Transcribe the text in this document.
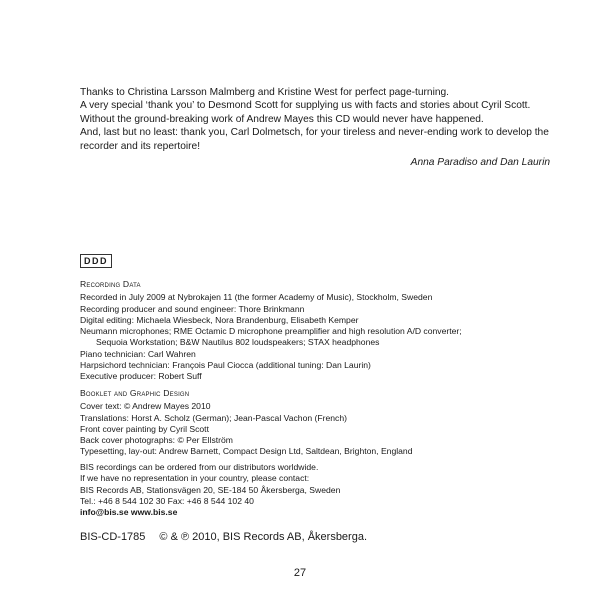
Thanks to Christina Larsson Malmberg and Kristine West for perfect page-turning.

A very special ‘thank you’ to Desmond Scott for supplying us with facts and stories about Cyril Scott.

Without the ground-breaking work of Andrew Mayes this CD would never have happened.

And, last but no least: thank you, Carl Dolmetsch, for your tireless and never-ending work to develop the recorder and its repertoire!

Anna Paradiso and Dan Laurin

DDD

Recording Data

Recorded in July 2009 at Nybrokajen 11 (the former Academy of Music), Stockholm, Sweden

Recording producer and sound engineer: Thore Brinkmann

Digital editing: Michaela Wiesbeck, Nora Brandenburg, Elisabeth Kemper

Neumann microphones; RME Octamic D microphone preamplifier and high resolution A/D converter;

Sequoia Workstation; B&W Nautilus 802 loudspeakers; STAX headphones

Piano technician: Carl Wahren

Harpsichord technician: François Paul Ciocca (additional tuning: Dan Laurin)

Executive producer: Robert Suff

Booklet and Graphic Design

Cover text: © Andrew Mayes 2010

Translations: Horst A. Scholz (German); Jean-Pascal Vachon (French)

Front cover painting by Cyril Scott

Back cover photographs: © Per Ellström

Typesetting, lay-out: Andrew Barnett, Compact Design Ltd, Saltdean, Brighton, England

BIS recordings can be ordered from our distributors worldwide.

If we have no representation in your country, please contact:

BIS Records AB, Stationsvägen 20, SE-184 50 Åkersberga, Sweden

Tel.: +46 8 544 102 30 Fax: +46 8 544 102 40

info@bis.se www.bis.se

BIS-CD-1785 © & ℗ 2010, BIS Records AB, Åkersberga.
27
